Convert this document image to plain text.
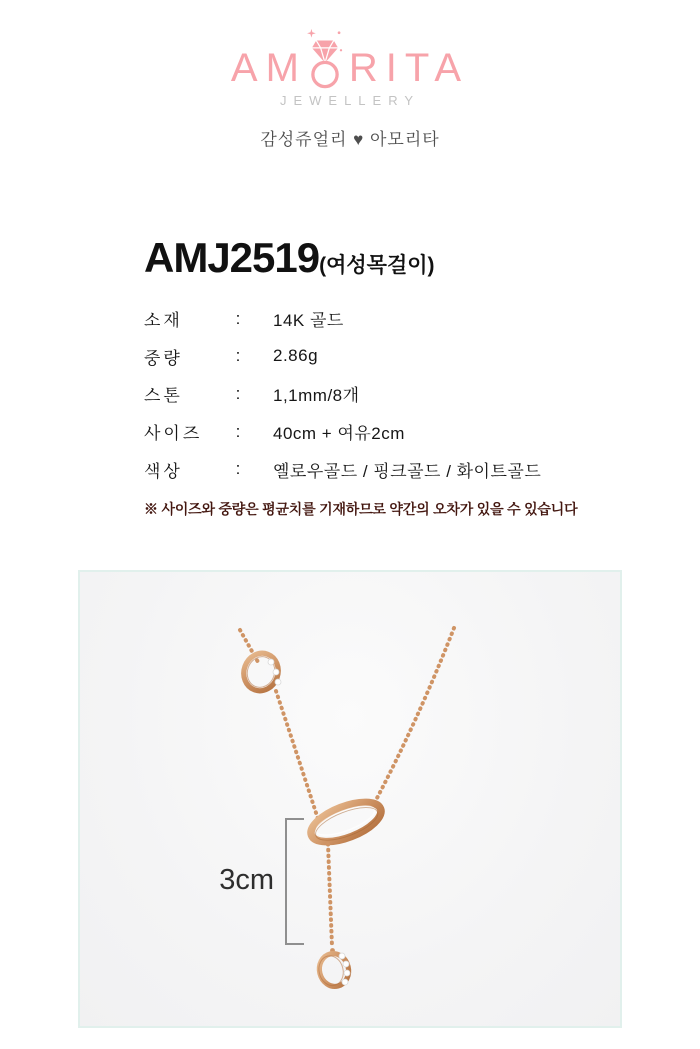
AM RITA
JEWELLERY
감성쥬얼리 ♥ 아모리타
AMJ2519 (여성목걸이)
소재	: 14K 골드
중량	: 2.86g
스톤	: 1,1mm/8개
사이즈	: 40cm + 여유2cm
색상	: 옐로우골드 / 핑크골드 / 화이트골드
※ 사이즈와 중량은 평균치를 기재하므로 약간의 오차가 있을 수 있습니다
3cm
